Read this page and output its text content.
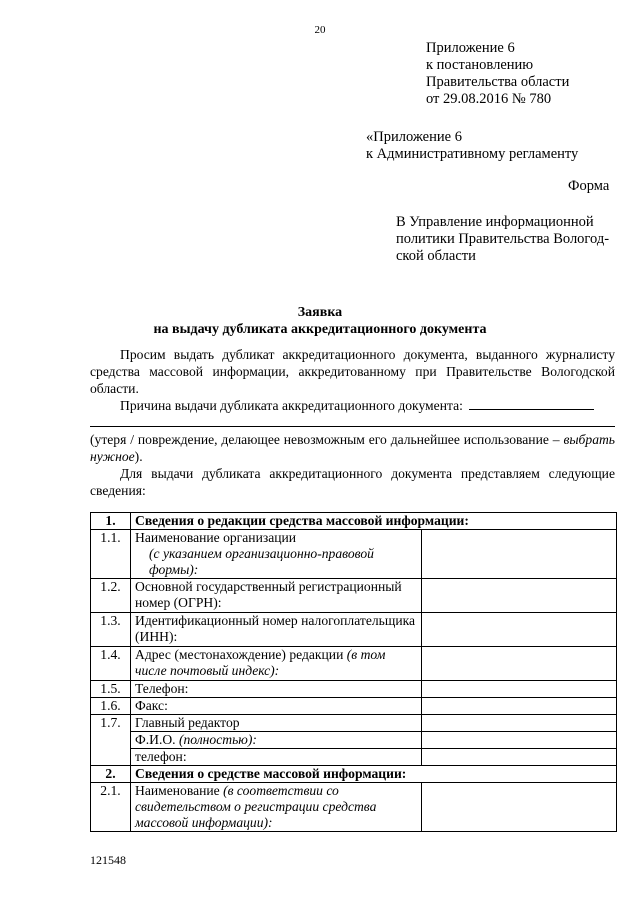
20
Приложение 6
к постановлению
Правительства области
от 29.08.2016 № 780
«Приложение 6
к Административному регламенту
Форма
В Управление информационной
политики Правительства Вологод-
ской области
Заявка
на выдачу дубликата аккредитационного документа
Просим выдать дубликат аккредитационного документа, выданного журналисту средства массовой информации, аккредитованному при Правительстве Вологодской области.
Причина выдачи дубликата аккредитационного документа:
(утеря / повреждение, делающее невозможным его дальнейшее использование – выбрать нужное).
Для выдачи дубликата аккредитационного документа представляем следующие сведения:
1.	Сведения о редакции средства массовой информации:	
1.1.	Наименование организации
(с указанием организационно-правовой формы):	

1.2.	Основной государственный регистрационный номер (ОГРН):	
1.3.	Идентификационный номер налогоплательщика (ИНН):	
1.4.	Адрес (местонахождение) редакции (в том числе почтовый индекс):	
1.5.	Телефон:	
1.6.	Факс:	
1.7.	Главный редактор	
	Ф.И.О. (полностью):	
	телефон:	
2.	Сведения о средстве массовой информации:	
2.1.	Наименование (в соответствии со свидетельством о регистрации средства массовой информации):	
121548
